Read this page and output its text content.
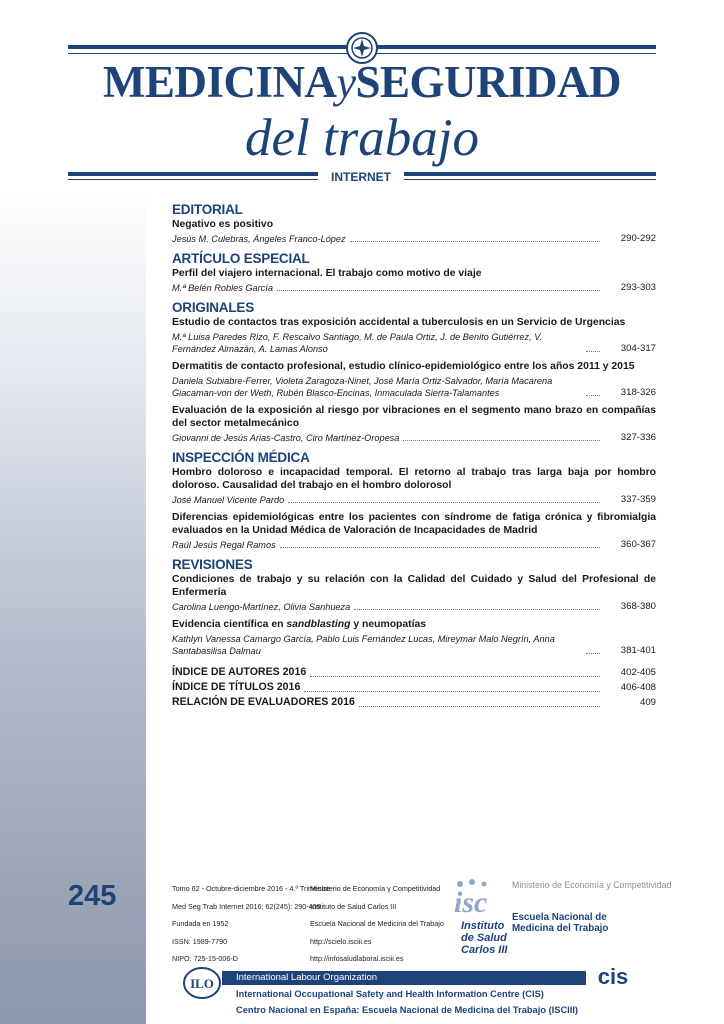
MEDICINAySEGURIDAD
del trabajo
INTERNET
EDITORIAL
Negativo es positivo
Jesús M. Culebras, Ángeles Franco-López	290-292
ARTÍCULO ESPECIAL
Perfil del viajero internacional. El trabajo como motivo de viaje
M.ª Belén Robles García	293-303
ORIGINALES
Estudio de contactos tras exposición accidental a tuberculosis en un Servicio de Urgencias
M.ª Luisa Paredes Rizo, F. Rescalvo Santiago, M. de Paula Ortiz, J. de Benito Gutiérrez, V. Fernández Almazán, A. Lamas Alonso	304-317
Dermatitis de contacto profesional, estudio clínico-epidemiológico entre los años 2011 y 2015
Daniela Subiabre-Ferrer, Violeta Zaragoza-Ninet, José María Ortiz-Salvador, María Macarena Giacaman-von der Weth, Rubén Blasco-Encinas, Inmaculada Sierra-Talamantes	318-326
Evaluación de la exposición al riesgo por vibraciones en el segmento mano brazo en compañías del sector metalmecánico
Giovanni de Jesús Arias-Castro, Ciro Martínez-Oropesa	327-336
INSPECCIÓN MÉDICA
Hombro doloroso e incapacidad temporal. El retorno al trabajo tras larga baja por hombro doloroso. Causalidad del trabajo en el hombro dolorosol
José Manuel Vicente Pardo	337-359
Diferencias epidemiológicas entre los pacientes con síndrome de fatiga crónica y fibromialgia evaluados en la Unidad Médica de Valoración de Incapacidades de Madrid
Raúl Jesús Regal Ramos	360-367
REVISIONES
Condiciones de trabajo y su relación con la Calidad del Cuidado y Salud del Profesional de Enfermería
Carolina Luengo-Martínez, Olivia Sanhueza	368-380
Evidencia científica en sandblasting y neumopatías
Kathlyn Vanessa Camargo García, Pablo Luis Fernández Lucas, Mireymar Malo Negrín, Anna Santabasilisa Dalmau	381-401
ÍNDICE DE AUTORES 2016	402-405
ÍNDICE DE TÍTULOS 2016	406-408
RELACIÓN DE EVALUADORES 2016	409
245	Tomo 62 - Octubre-diciembre 2016 - 4.º Trimestre
Med Seg Trab Internet 2016; 62(245): 290-409
Fundada en 1952
ISSN: 1989-7790
NIPO: 725-15-006-D
Ministerio de Economía y Competitividad
Instituto de Salud Carlos III
Escuela Nacional de Medicina del Trabajo
http://scielo.isciii.es
http://infosaludlaboral.isciii.es
isc
Instituto
de Salud
Carlos III
Ministerio de Economía y Competitividad
Escuela Nacional de
Medicina del Trabajo
ILO	International Labour Organization	cis
International Occupational Safety and Health Information Centre (CIS)
Centro Nacional en España: Escuela Nacional de Medicina del Trabajo (ISCIII)
